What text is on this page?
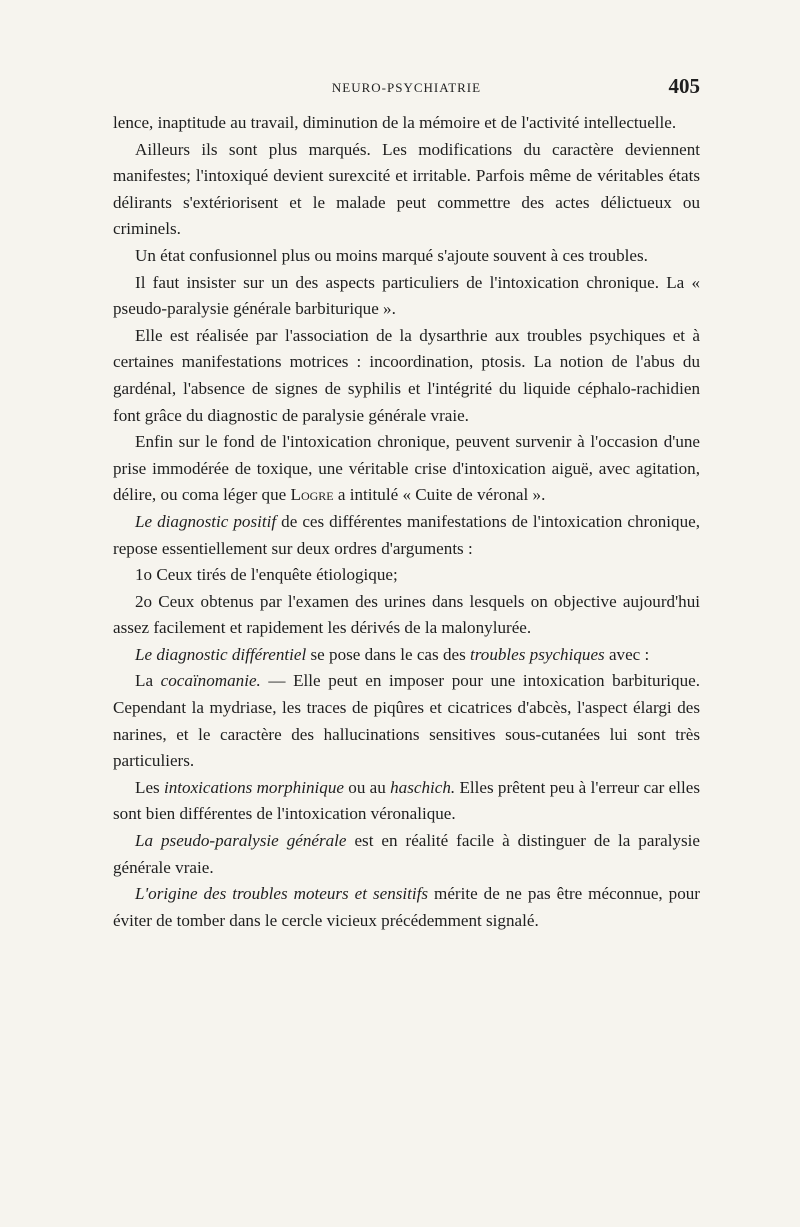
NEURO-PSYCHIATRIE	405

lence, inaptitude au travail, diminution de la mémoire et de l'activité intellectuelle.

Ailleurs ils sont plus marqués. Les modifications du caractère deviennent manifestes; l'intoxiqué devient surexcité et irritable. Parfois même de véritables états délirants s'extériorisent et le malade peut commettre des actes délictueux ou criminels.

Un état confusionnel plus ou moins marqué s'ajoute souvent à ces troubles.

Il faut insister sur un des aspects particuliers de l'intoxication chronique. La « pseudo-paralysie générale barbiturique ».

Elle est réalisée par l'association de la dysarthrie aux troubles psychiques et à certaines manifestations motrices : incoordination, ptosis. La notion de l'abus du gardénal, l'absence de signes de syphilis et l'intégrité du liquide céphalo-rachidien font grâce du diagnostic de paralysie générale vraie.

Enfin sur le fond de l'intoxication chronique, peuvent survenir à l'occasion d'une prise immodérée de toxique, une véritable crise d'intoxication aiguë, avec agitation, délire, ou coma léger que Logre a intitulé « Cuite de véronal ».

Le diagnostic positif de ces différentes manifestations de l'intoxication chronique, repose essentiellement sur deux ordres d'arguments :

1o Ceux tirés de l'enquête étiologique;

2o Ceux obtenus par l'examen des urines dans lesquels on objective aujourd'hui assez facilement et rapidement les dérivés de la malonylurée.

Le diagnostic différentiel se pose dans le cas des troubles psychiques avec :

La cocaïnomanie. — Elle peut en imposer pour une intoxication barbiturique. Cependant la mydriase, les traces de piqûres et cicatrices d'abcès, l'aspect élargi des narines, et le caractère des hallucinations sensitives sous-cutanées lui sont très particuliers.

Les intoxications morphinique ou au haschich. Elles prêtent peu à l'erreur car elles sont bien différentes de l'intoxication véronalique.

La pseudo-paralysie générale est en réalité facile à distinguer de la paralysie générale vraie.

L'origine des troubles moteurs et sensitifs mérite de ne pas être méconnue, pour éviter de tomber dans le cercle vicieux précédemment signalé.
